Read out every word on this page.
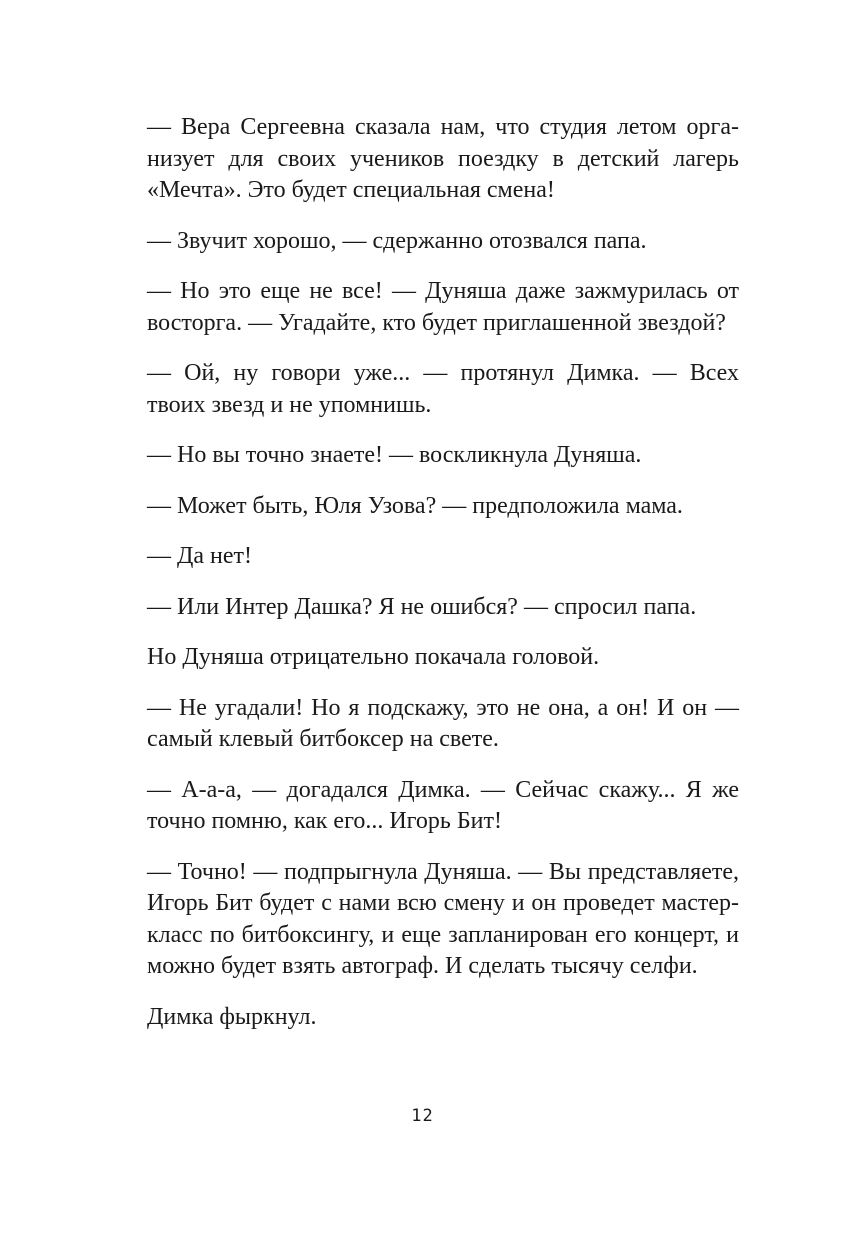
— Вера Сергеевна сказала нам, что студия летом организует для своих учеников поездку в детский лагерь «Мечта». Это будет специальная смена!

— Звучит хорошо, — сдержанно отозвался папа.

— Но это еще не все! — Дуняша даже зажмурилась от восторга. — Угадайте, кто будет приглашенной звездой?

— Ой, ну говори уже... — протянул Димка. — Всех твоих звезд и не упомнишь.

— Но вы точно знаете! — воскликнула Дуняша.

— Может быть, Юля Узова? — предположила мама.

— Да нет!

— Или Интер Дашка? Я не ошибся? — спросил папа.

Но Дуняша отрицательно покачала головой.

— Не угадали! Но я подскажу, это не она, а он! И он — самый клевый битбоксер на свете.

— А-а-а, — догадался Димка. — Сейчас скажу... Я же точно помню, как его... Игорь Бит!

— Точно! — подпрыгнула Дуняша. — Вы представляете, Игорь Бит будет с нами всю смену и он проведет мастер-класс по битбоксингу, и еще запланирован его концерт, и можно будет взять автограф. И сделать тысячу селфи.

Димка фыркнул.

12
